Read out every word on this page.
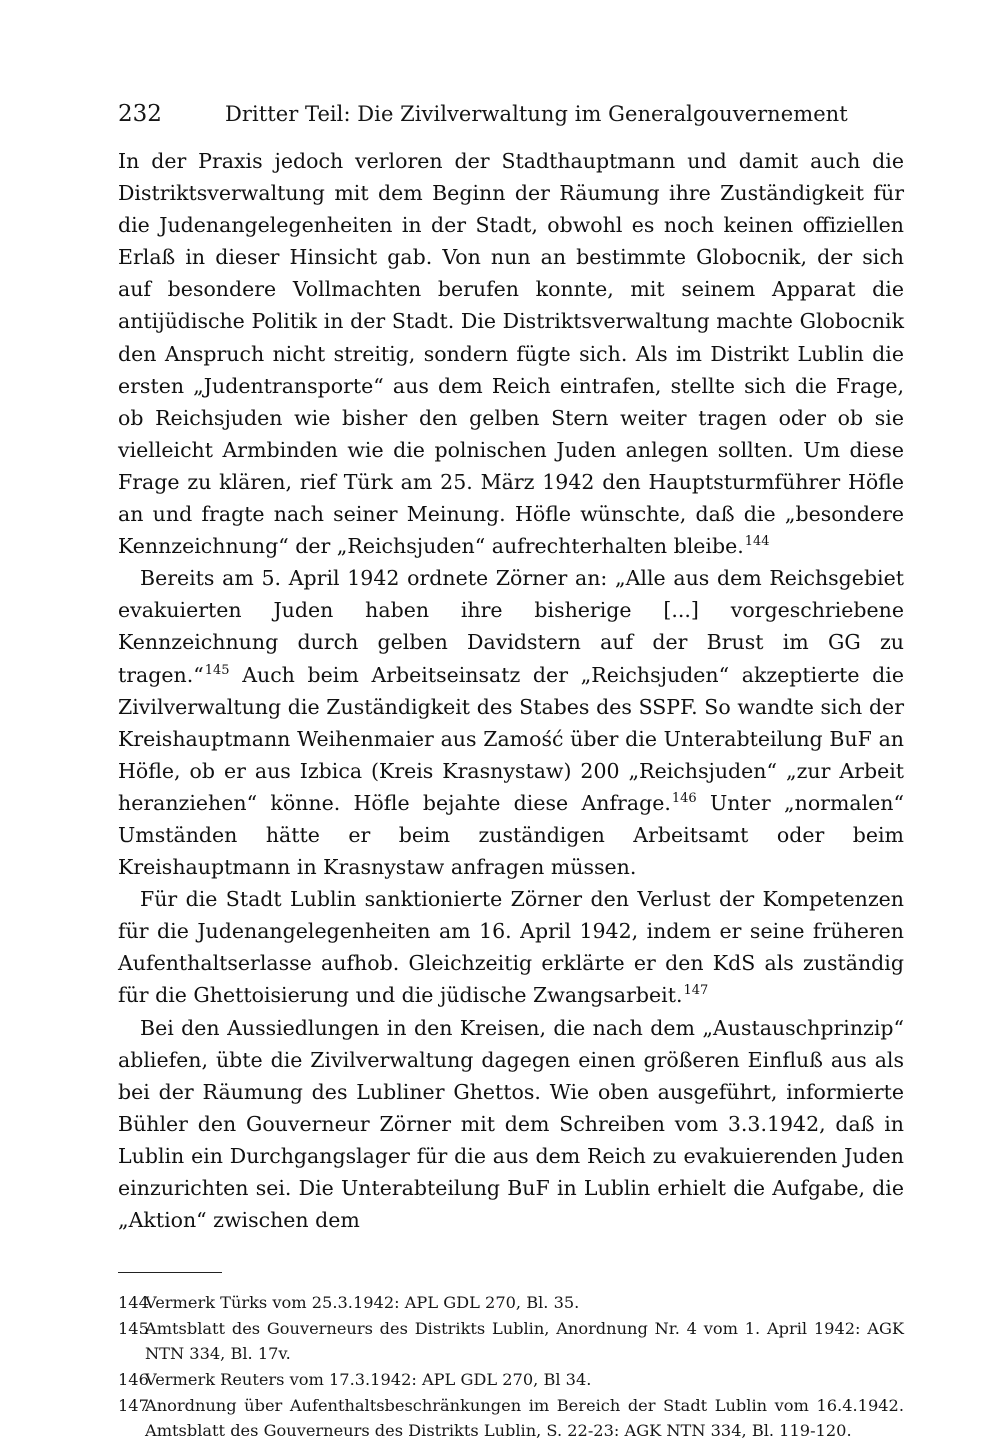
232	Dritter Teil: Die Zivilverwaltung im Generalgouvernement

In der Praxis jedoch verloren der Stadthauptmann und damit auch die Distriktsverwaltung mit dem Beginn der Räumung ihre Zuständigkeit für die Judenangelegenheiten in der Stadt, obwohl es noch keinen offiziellen Erlaß in dieser Hinsicht gab. Von nun an bestimmte Globocnik, der sich auf besondere Vollmachten berufen konnte, mit seinem Apparat die antijüdische Politik in der Stadt. Die Distriktsverwaltung machte Globocnik den Anspruch nicht streitig, sondern fügte sich. Als im Distrikt Lublin die ersten „Judentransporte“ aus dem Reich eintrafen, stellte sich die Frage, ob Reichsjuden wie bisher den gelben Stern weiter tragen oder ob sie vielleicht Armbinden wie die polnischen Juden anlegen sollten. Um diese Frage zu klären, rief Türk am 25. März 1942 den Hauptsturmführer Höfle an und fragte nach seiner Meinung. Höfle wünschte, daß die „besondere Kennzeichnung“ der „Reichsjuden“ aufrechterhalten bleibe.$^{144}$

Bereits am 5. April 1942 ordnete Zörner an: „Alle aus dem Reichsgebiet evakuierten Juden haben ihre bisherige [...] vorgeschriebene Kennzeichnung durch gelben Davidstern auf der Brust im GG zu tragen.“$^{145}$ Auch beim Arbeitseinsatz der „Reichsjuden“ akzeptierte die Zivilverwaltung die Zuständigkeit des Stabes des SSPF. So wandte sich der Kreishauptmann Weihenmaier aus Zamość über die Unterabteilung BuF an Höfle, ob er aus Izbica (Kreis Krasnystaw) 200 „Reichsjuden“ „zur Arbeit heranziehen“ könne. Höfle bejahte diese Anfrage.$^{146}$ Unter „normalen“ Umständen hätte er beim zuständigen Arbeitsamt oder beim Kreishauptmann in Krasnystaw anfragen müssen.

Für die Stadt Lublin sanktionierte Zörner den Verlust der Kompetenzen für die Judenangelegenheiten am 16. April 1942, indem er seine früheren Aufenthaltserlasse aufhob. Gleichzeitig erklärte er den KdS als zuständig für die Ghettoisierung und die jüdische Zwangsarbeit.$^{147}$

Bei den Aussiedlungen in den Kreisen, die nach dem „Austauschprinzip“ abliefen, übte die Zivilverwaltung dagegen einen größeren Einfluß aus als bei der Räumung des Lubliner Ghettos. Wie oben ausgeführt, informierte Bühler den Gouverneur Zörner mit dem Schreiben vom 3.3.1942, daß in Lublin ein Durchgangslager für die aus dem Reich zu evakuierenden Juden einzurichten sei. Die Unterabteilung BuF in Lublin erhielt die Aufgabe, die „Aktion“ zwischen dem

144
Vermerk Türks vom 25.3.1942: APL GDL 270, Bl. 35.
145
Amtsblatt des Gouverneurs des Distrikts Lublin, Anordnung Nr. 4 vom 1. April 1942: AGK NTN 334, Bl. 17v.
146
Vermerk Reuters vom 17.3.1942: APL GDL 270, Bl 34.
147
Anordnung über Aufenthaltsbeschränkungen im Bereich der Stadt Lublin vom 16.4.1942. Amtsblatt des Gouverneurs des Distrikts Lublin, S. 22-23: AGK NTN 334, Bl. 119-120.
